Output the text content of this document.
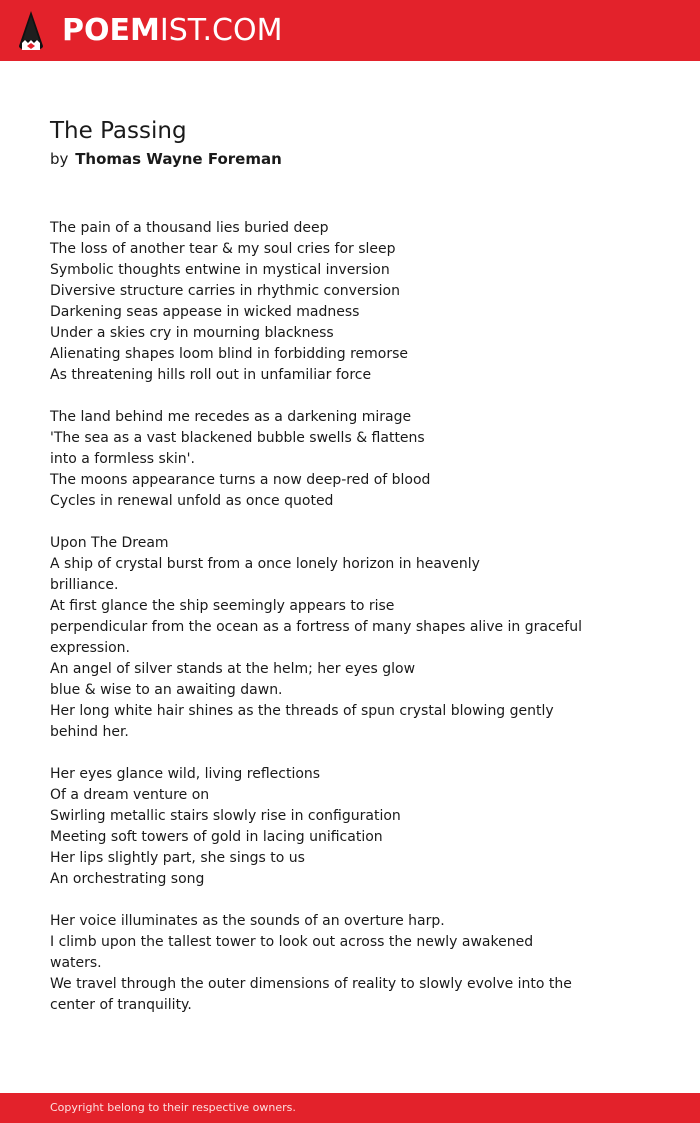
POEMIST.COM
The Passing
by Thomas Wayne Foreman
The pain of a thousand lies buried deep
The loss of another tear & my soul cries for sleep
Symbolic thoughts entwine in mystical inversion
Diversive structure carries in rhythmic conversion
Darkening seas appease in wicked madness
Under a skies cry in mourning blackness
Alienating shapes loom blind in forbidding remorse
As threatening hills roll out in unfamiliar force
The land behind me recedes as a darkening mirage
'The sea as a vast blackened bubble swells & flattens
into a formless skin'.
The moons appearance turns a now deep-red of blood
Cycles in renewal unfold as once quoted
Upon The Dream
A ship of crystal burst from a once lonely horizon in heavenly
brilliance.
At first glance the ship seemingly appears to rise
perpendicular from the ocean as a fortress of many shapes alive in graceful
expression.
An angel of silver stands at the helm; her eyes glow
blue & wise to an awaiting dawn.
Her long white hair shines as the threads of spun crystal blowing gently
behind her.
Her eyes glance wild, living reflections
Of a dream venture on
Swirling metallic stairs slowly rise in configuration
Meeting soft towers of gold in lacing unification
Her lips slightly part, she sings to us
An orchestrating song
Her voice illuminates as the sounds of an overture harp.
I climb upon the tallest tower to look out across the newly awakened
waters.
We travel through the outer dimensions of reality to slowly evolve into the
center of tranquility.
Copyright belong to their respective owners.
